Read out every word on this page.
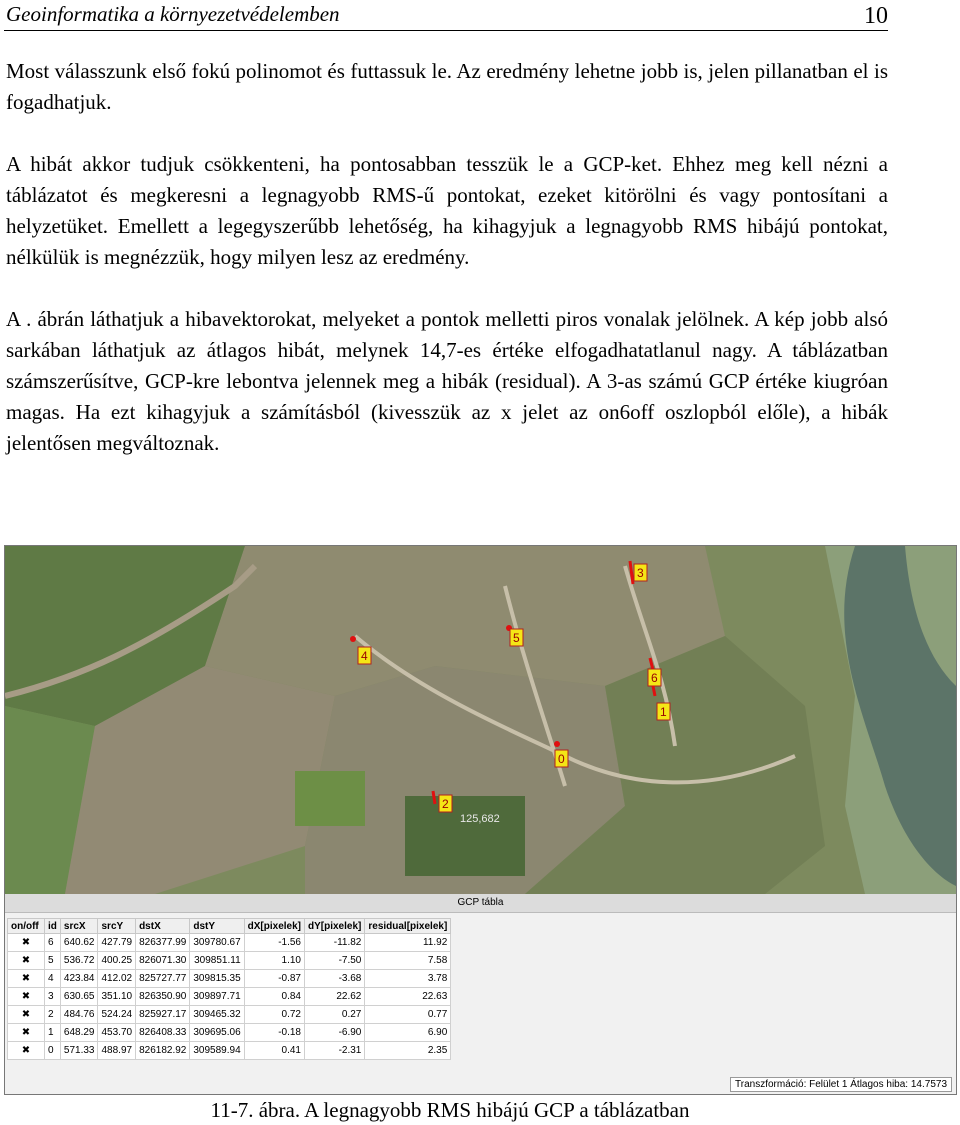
Geoinformatika a környezetvédelemben	10

Most válasszunk első fokú polinomot és futtassuk le. Az eredmény lehetne jobb is, jelen pillanatban el is fogadhatjuk.

A hibát akkor tudjuk csökkenteni, ha pontosabban tesszük le a GCP-ket. Ehhez meg kell nézni a táblázatot és megkeresni a legnagyobb RMS-ű pontokat, ezeket kitörölni és vagy pontosítani a helyzetüket. Emellett a legegyszerűbb lehetőség, ha kihagyjuk a legnagyobb RMS hibájú pontokat, nélkülük is megnézzük, hogy milyen lesz az eredmény.

A . ábrán láthatjuk a hibavektorokat, melyeket a pontok melletti piros vonalak jelölnek. A kép jobb alsó sarkában láthatjuk az átlagos hibát, melynek 14,7-es értéke elfogadhatatlanul nagy. A táblázatban számszerűsítve, GCP-kre lebontva jelennek meg a hibák (residual). A 3-as számú GCP értéke kiugróan magas. Ha ezt kihagyjuk a számításból (kivesszük az x jelet az on6off oszlopból előle), a hibák jelentősen megváltoznak.

125,682
3
5
4
6
1
0
2
GCP tábla
on/off	id	srcX	srcY	dstX	dstY	dX[pixelek]	dY[pixelek]	residual[pixelek]
✖	6	640.62	427.79	826377.99	309780.67	-1.56	-11.82	11.92
✖	5	536.72	400.25	826071.30	309851.11	1.10	-7.50	7.58
✖	4	423.84	412.02	825727.77	309815.35	-0.87	-3.68	3.78
✖	3	630.65	351.10	826350.90	309897.71	0.84	22.62	22.63
✖	2	484.76	524.24	825927.17	309465.32	0.72	0.27	0.77
✖	1	648.29	453.70	826408.33	309695.06	-0.18	-6.90	6.90
✖	0	571.33	488.97	826182.92	309589.94	0.41	-2.31	2.35
Transzformáció: Felület 1 Átlagos hiba: 14.7573
11-7. ábra. A legnagyobb RMS hibájú GCP a táblázatban
